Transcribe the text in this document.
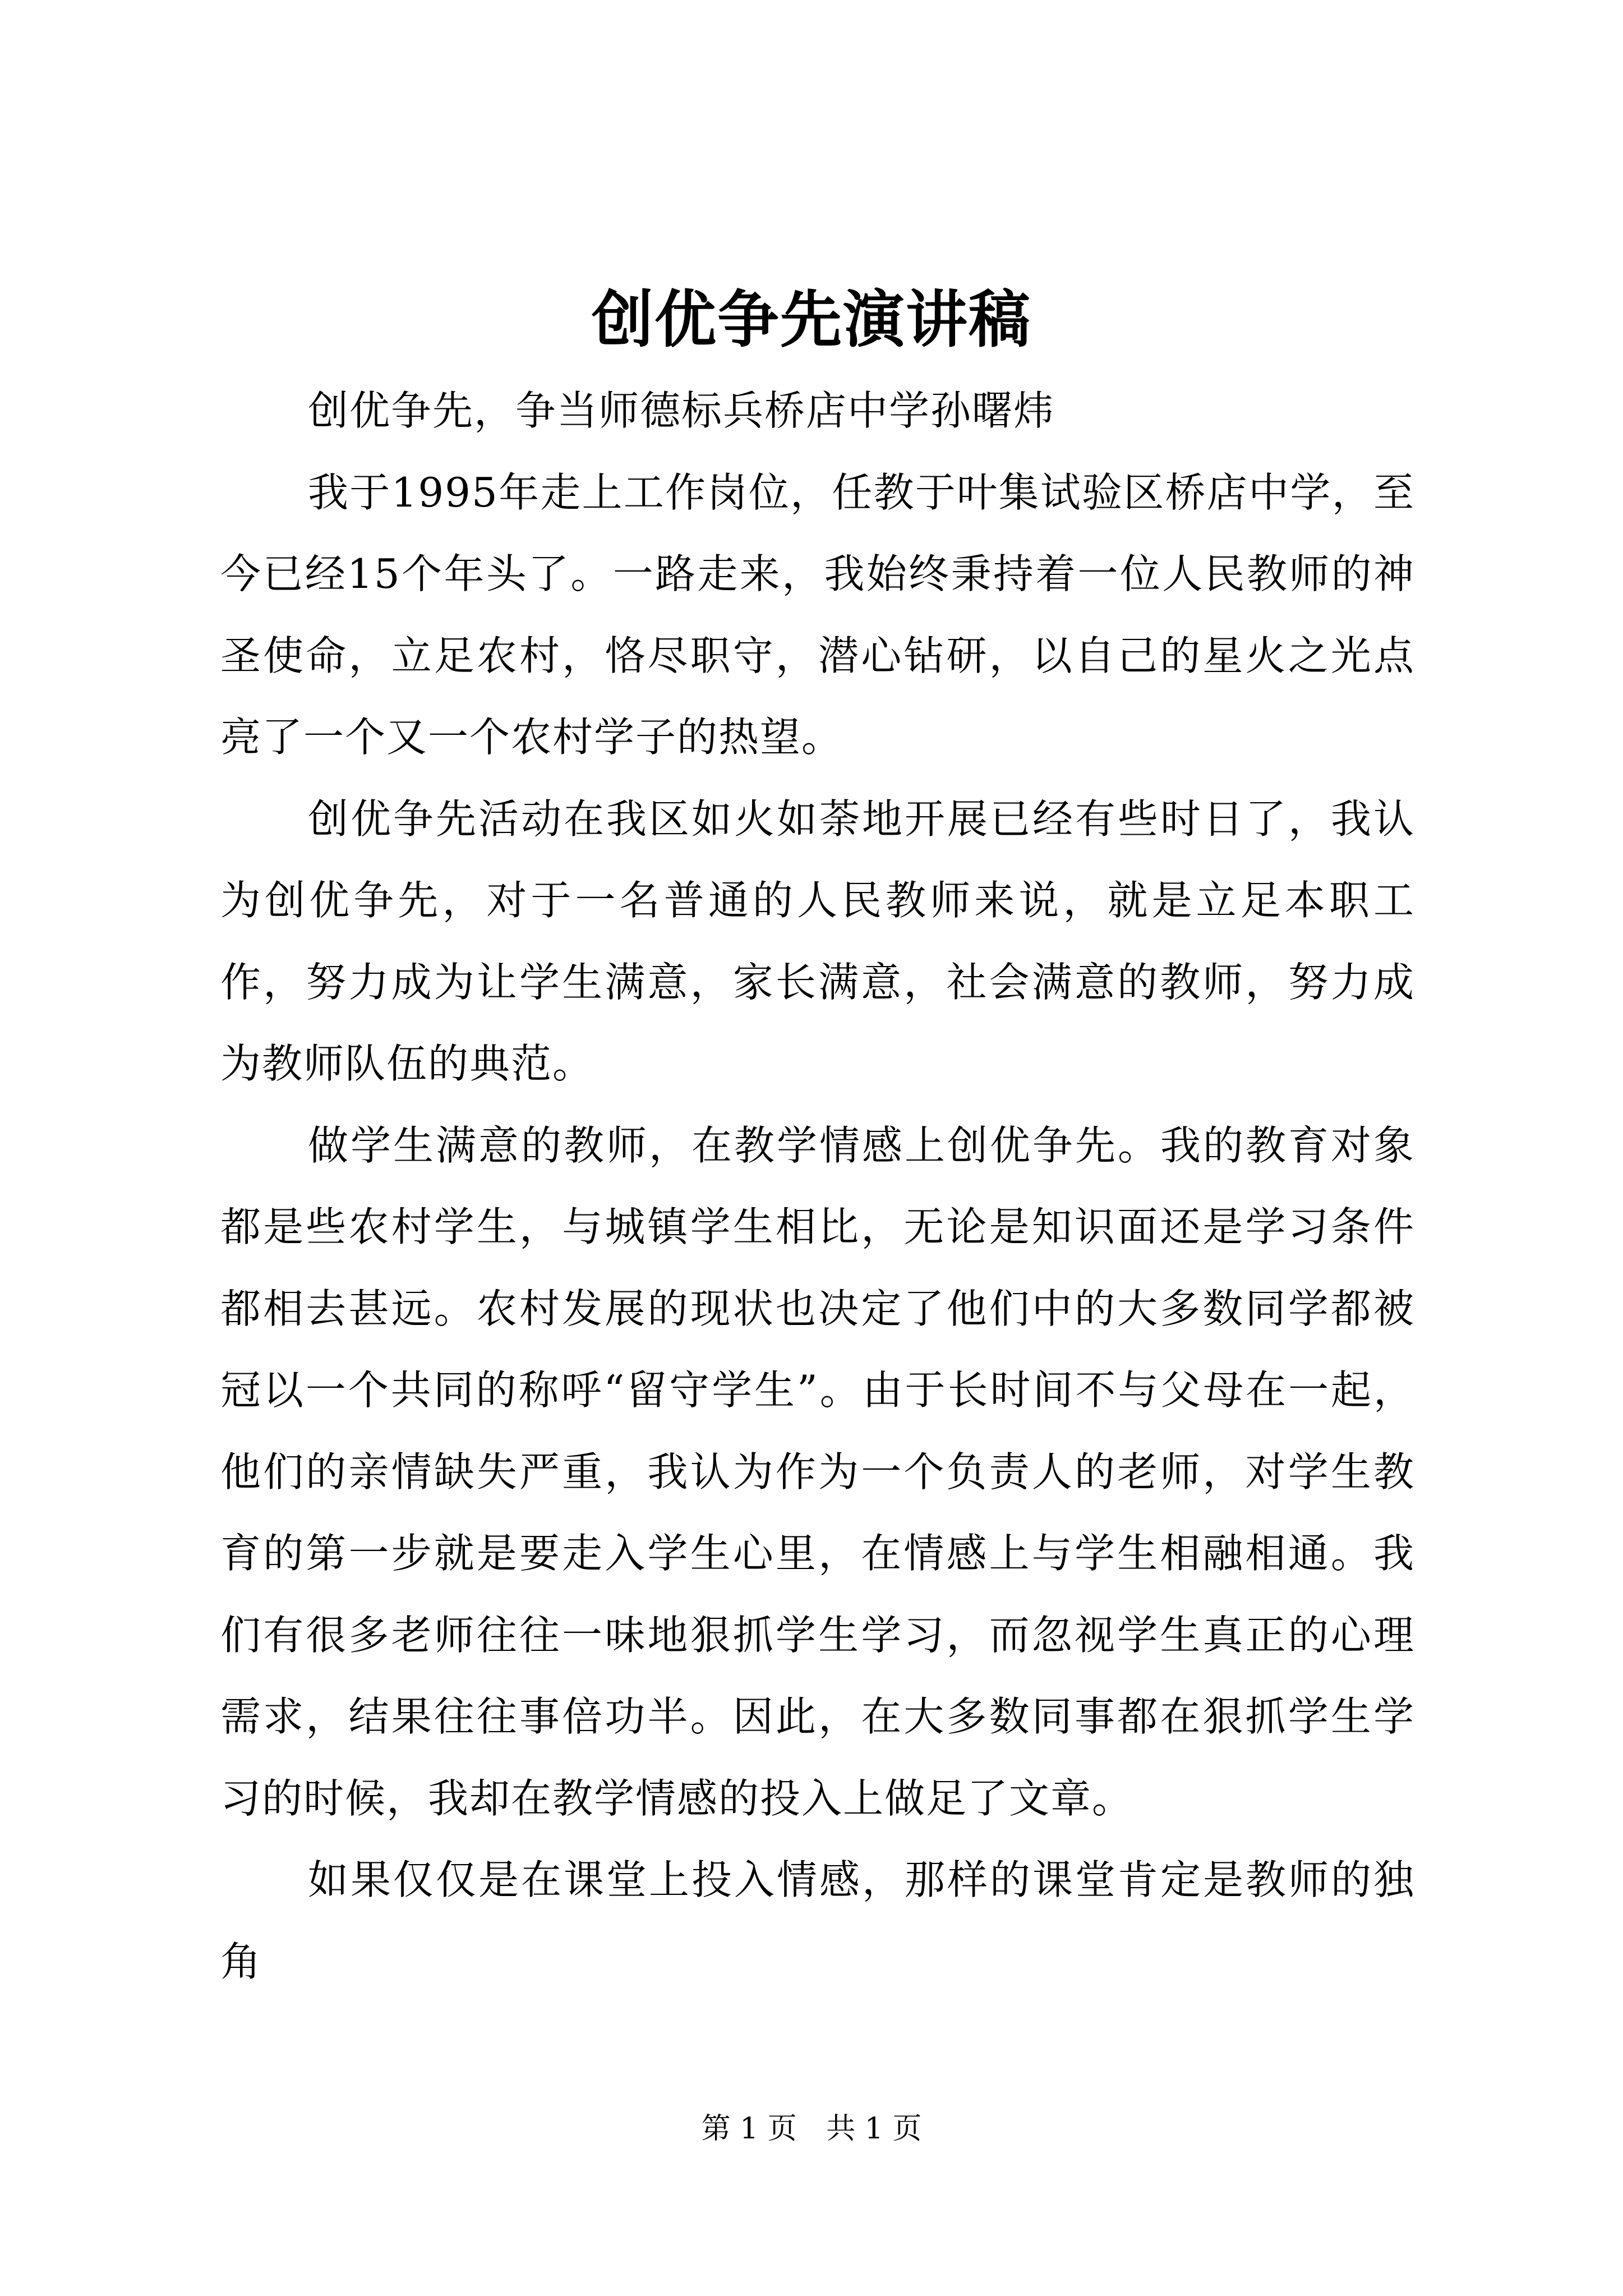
创优争先演讲稿

创优争先，争当师德标兵桥店中学孙曙炜

我于1995年走上工作岗位，任教于叶集试验区桥店中学，至今已经15个年头了。一路走来，我始终秉持着一位人民教师的神圣使命，立足农村，恪尽职守，潜心钻研，以自己的星火之光点亮了一个又一个农村学子的热望。

创优争先活动在我区如火如荼地开展已经有些时日了，我认为创优争先，对于一名普通的人民教师来说，就是立足本职工作，努力成为让学生满意，家长满意，社会满意的教师，努力成为教师队伍的典范。

做学生满意的教师，在教学情感上创优争先。我的教育对象都是些农村学生，与城镇学生相比，无论是知识面还是学习条件都相去甚远。农村发展的现状也决定了他们中的大多数同学都被冠以一个共同的称呼“留守学生”。由于长时间不与父母在一起，他们的亲情缺失严重，我认为作为一个负责人的老师，对学生教育的第一步就是要走入学生心里，在情感上与学生相融相通。我们有很多老师往往一味地狠抓学生学习，而忽视学生真正的心理需求，结果往往事倍功半。因此，在大多数同事都在狠抓学生学习的时候，我却在教学情感的投入上做足了文章。

如果仅仅是在课堂上投入情感，那样的课堂肯定是教师的独角

第 1 页 共 1 页
